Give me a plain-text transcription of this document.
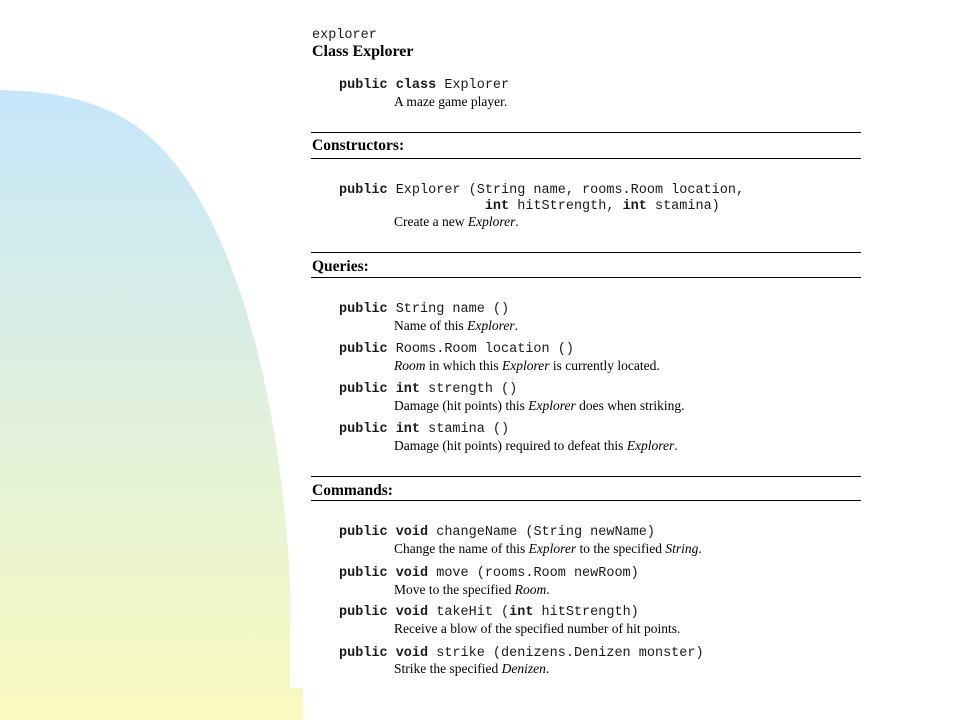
explorer
Class Explorer
public class Explorer
A maze game player.
Constructors:
public Explorer (String name, rooms.Room location,
int hitStrength, int stamina)
Create a new Explorer.
Queries:
public String name ()
Name of this Explorer.
public Rooms.Room location ()
Room in which this Explorer is currently located.
public int strength ()
Damage (hit points) this Explorer does when striking.
public int stamina ()
Damage (hit points) required to defeat this Explorer.
Commands:
public void changeName (String newName)
Change the name of this Explorer to the specified String.
public void move (rooms.Room newRoom)
Move to the specified Room.
public void takeHit (int hitStrength)
Receive a blow of the specified number of hit points.
public void strike (denizens.Denizen monster)
Strike the specified Denizen.
